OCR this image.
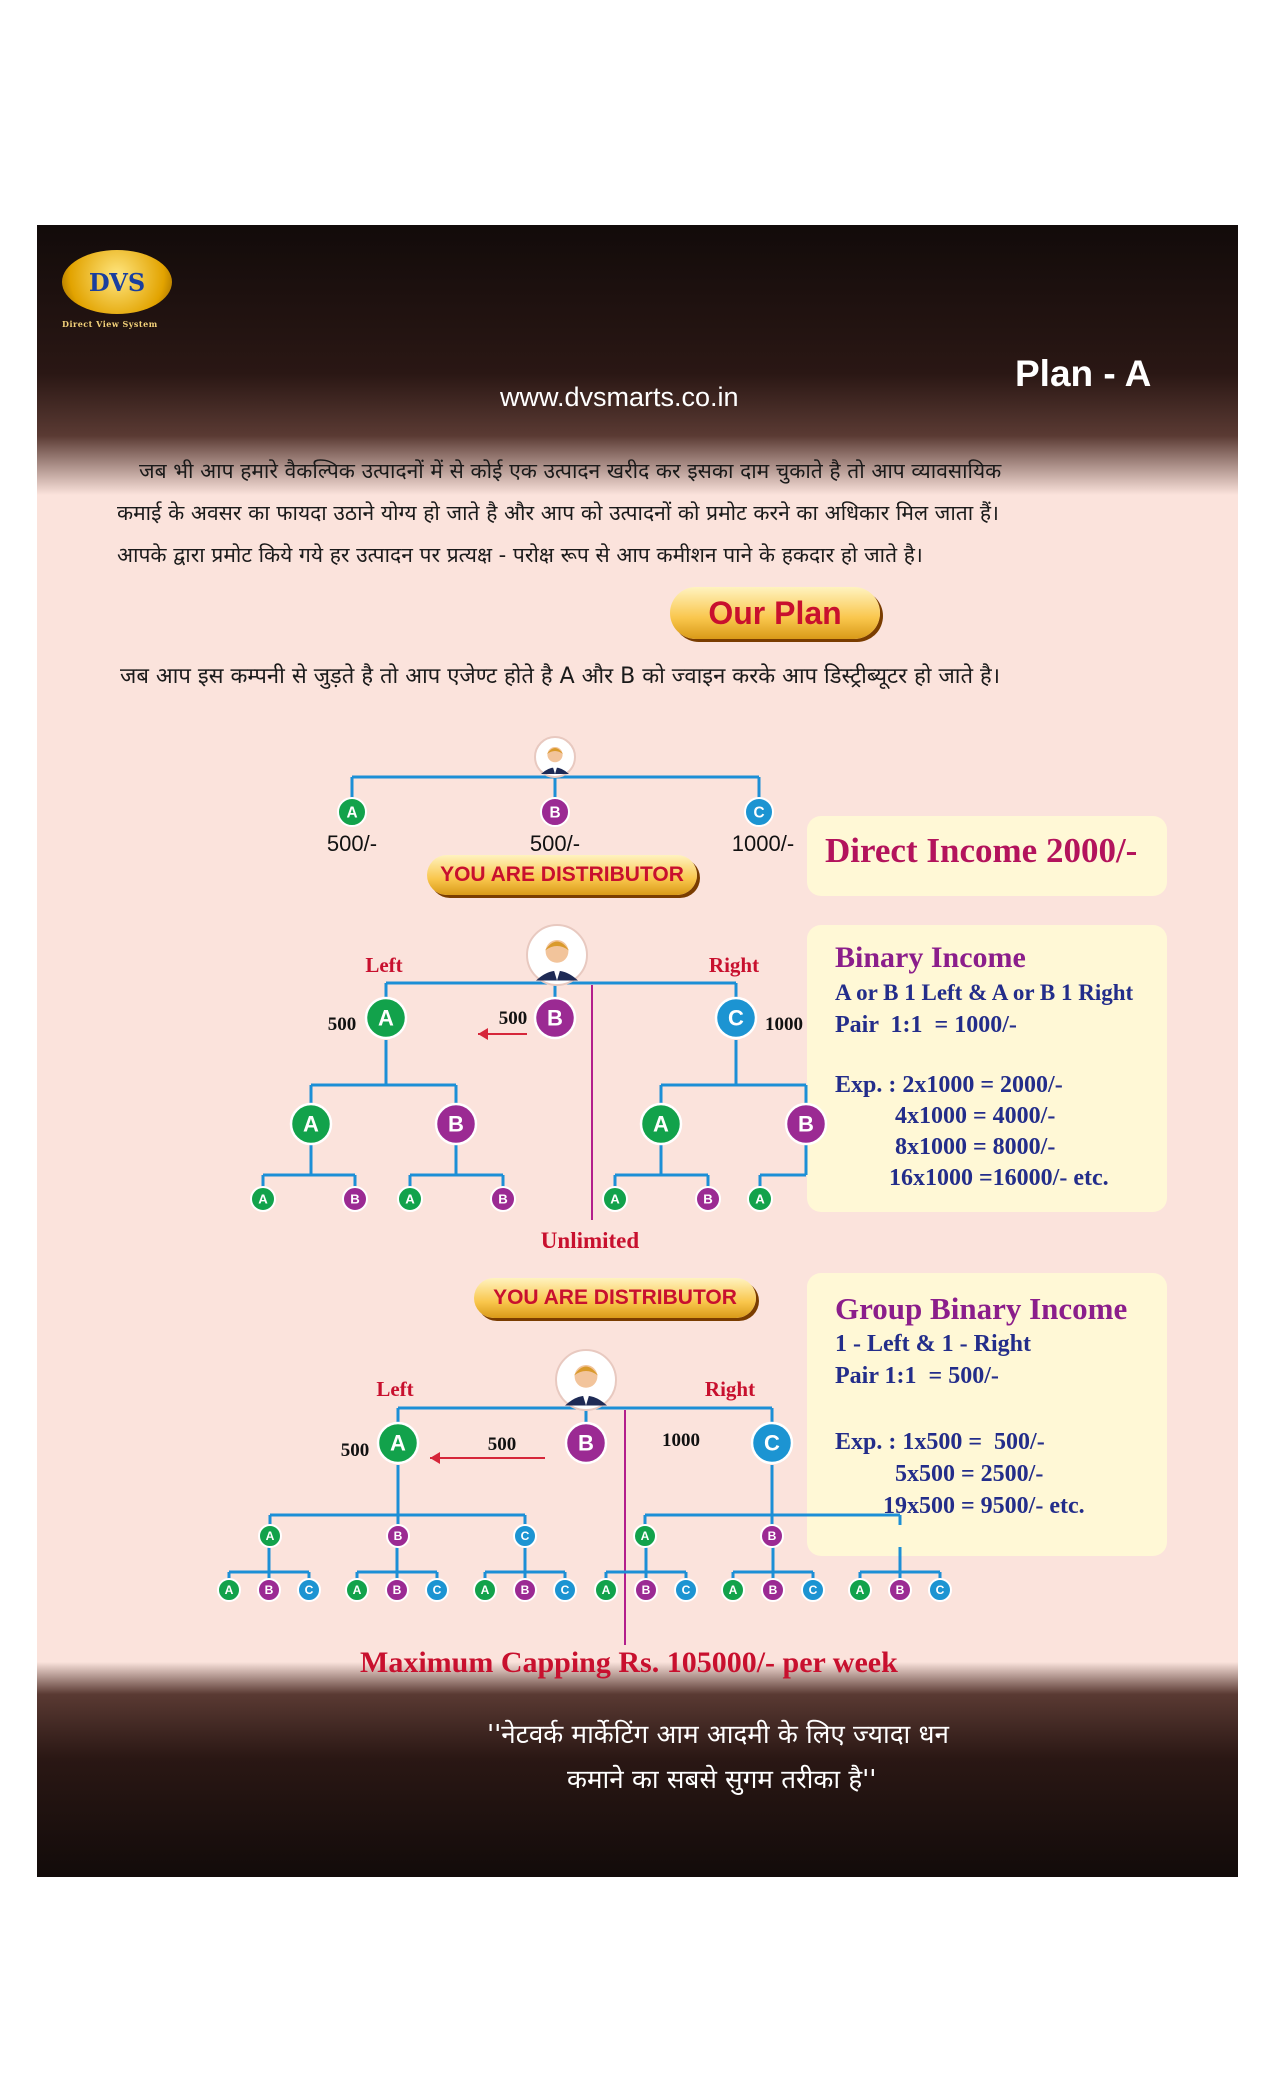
DVS
Direct View System
Plan - A
www.dvsmarts.co.in
जब भी आप हमारे वैकल्पिक उत्पादनों में से कोई एक उत्पादन खरीद कर इसका दाम चुकाते है तो आप व्यावसायिक
कमाई के अवसर का फायदा उठाने योग्य हो जाते है और आप को उत्पादनों को प्रमोट करने का अधिकार मिल जाता हैं।
आपके द्वारा प्रमोट किये गये हर उत्पादन पर प्रत्यक्ष - परोक्ष रूप से आप कमीशन पाने के हकदार हो जाते है।
Our Plan
जब आप इस कम्पनी से जुड़ते है तो आप एजेण्ट होते है A और B को ज्वाइन करके आप डिस्ट्रीब्यूटर हो जाते है।
YOU ARE DISTRIBUTOR
YOU ARE DISTRIBUTOR
Direct Income 2000/-
Binary Income
A or B 1 Left & A or B 1 Right
Pair  1:1  = 1000/-
Exp. : 2x1000 = 2000/-
4x1000 = 4000/-
8x1000 = 8000/-
16x1000 =16000/- etc.
Group Binary Income
1 - Left & 1 - Right
Pair 1:1  = 500/-
Exp. : 1x500 =  500/-
5x500 = 2500/-
19x500 = 9500/- etc.
Maximum Capping Rs. 105000/- per week
''नेटवर्क मार्केटिंग आम आदमी के लिए ज्यादा धन
कमाने का सबसे सुगम तरीका है''
A	B	C
A	B	C
A	B	A	B
A	B	A	B	A	B	A
A	B	C
A	B	C	A	B
A	B	C	A	B	C	A	B	C	A	B	C	A	B	C	A	B	C
500/-	500/-	1000/-
Left	Right
500	500	1000
Unlimited
Left	Right
500	500	1000
